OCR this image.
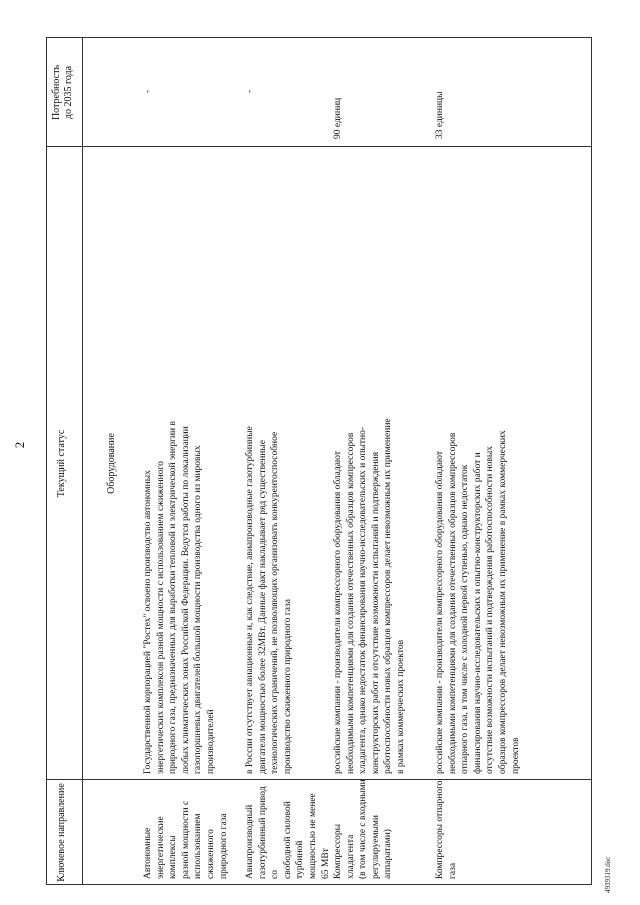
2
Ключевое направление
Текущий статус
Потребность
до 2035 года
Оборудование
Автономные
энергетические комплексы
разной мощности с
использованием сжиженного
природного газа
Государственной корпорацией "Ростех" освоено производство автономных
энергетических комплексов разной мощности с использованием сжиженного
природного газа, предназначенных для выработки тепловой и электрической энергии в
любых климатических зонах Российской Федерации. Ведутся работы по локализации
газопоршневых двигателей большой мощности производства одного из мировых
производителей
-
Авиапроизводный
газотурбинный привод со
свободной силовой турбиной
мощностью не менее
65 МВт
в России отсутствует авиационные и, как следствие, авиапроизводные газотурбинные
двигатели мощностью более 32МВт. Данные факт накладывает ряд существенные
технологических ограничений, не позволяющих организовать конкурентоспособное
производство сжиженного природного газа
-
Компрессоры хладагента
(в том числе с входными
регулируемыми аппаратами)
российские компании - производители компрессорного оборудования обладают
необходимыми компетенциями для создания отечественных образцов компрессоров
хладагента, однако недостаток финансирования научно-исследовательских и опытно-
конструкторских работ и отсутствие возможности испытаний и подтверждения
работоспособности новых образцов компрессоров делает невозможным их применение
в рамках коммерческих проектов
90 единиц
Компрессоры отпарного газа
российские компании - производители компрессорного оборудования обладают
необходимыми компетенциями для создания отечественных образцов компрессоров
отпарного газа, в том числе с холодной первой ступенью, однако недостаток
финансирования научно-исследовательских и опытно-конструкторских работ и
отсутствие возможности испытаний и подтверждения работоспособности новых
образцов компрессоров делает невозможным их применение в рамках коммерческих
проектов
33 единицы
4939319.doc
